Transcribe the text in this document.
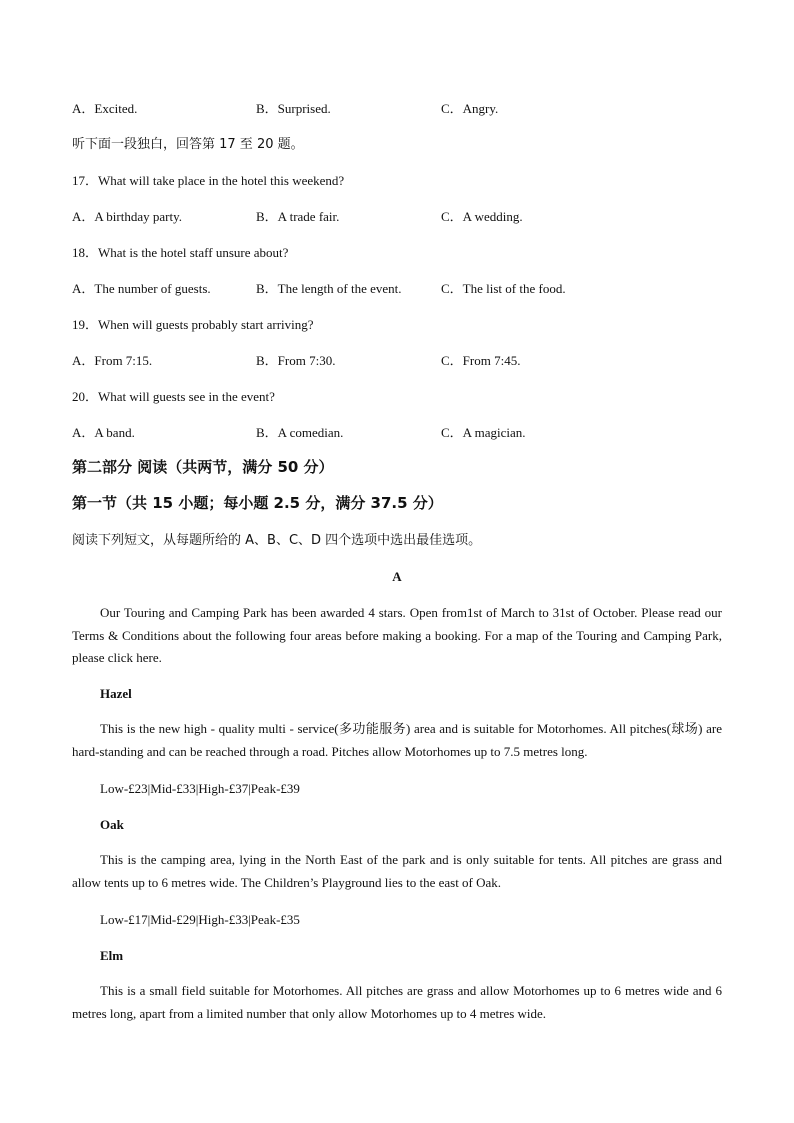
A．Excited.	B．Surprised.	C．Angry.
听下面一段独白，回答第 17 至 20 题。
17．What will take place in the hotel this weekend?
A．A birthday party.	B．A trade fair.	C．A wedding.
18．What is the hotel staff unsure about?
A．The number of guests.	B．The length of the event.	C．The list of the food.
19．When will guests probably start arriving?
A．From 7:15.	B．From 7:30.	C．From 7:45.
20．What will guests see in the event?
A．A band.	B．A comedian.	C．A magician.
第二部分 阅读（共两节，满分 50 分）
第一节（共 15 小题；每小题 2.5 分，满分 37.5 分）
阅读下列短文，从每题所给的 A、B、C、D 四个选项中选出最佳选项。
A
Our Touring and Camping Park has been awarded 4 stars. Open from1st of March to 31st of October. Please read our Terms & Conditions about the following four areas before making a booking. For a map of the Touring and Camping Park, please click here.
Hazel
This is the new high - quality multi - service(多功能服务) area and is suitable for Motorhomes. All pitches(球场) are hard-standing and can be reached through a road. Pitches allow Motorhomes up to 7.5 metres long.
Low-£23|Mid-£33|High-£37|Peak-£39
Oak
This is the camping area, lying in the North East of the park and is only suitable for tents. All pitches are grass and allow tents up to 6 metres wide. The Children’s Playground lies to the east of Oak.
Low-£17|Mid-£29|High-£33|Peak-£35
Elm
This is a small field suitable for Motorhomes. All pitches are grass and allow Motorhomes up to 6 metres wide and 6 metres long, apart from a limited number that only allow Motorhomes up to 4 metres wide.
